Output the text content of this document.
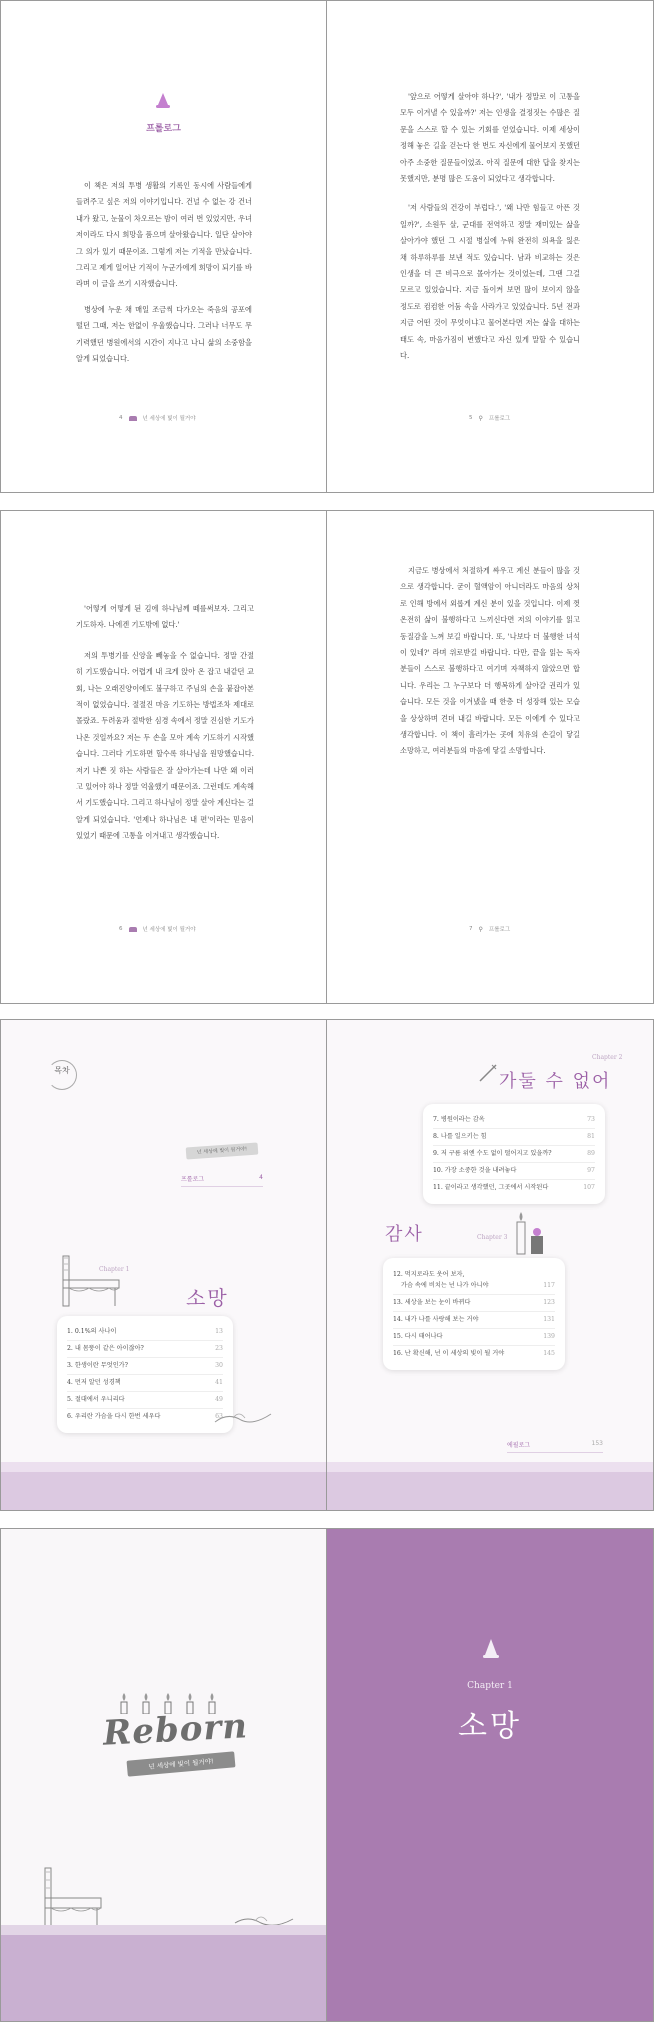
프롤로그

이 책은 저의 투병 생활의 기록인 동시에 사람들에게 들려주고 싶은 저의 이야기입니다. 건널 수 없는 강 건너 내가 왔고, 눈물이 차오르는 밤이 여러 번 있었지만, 우녀 저이라도 다시 희망을 품으며 살아왔습니다. 일단 살아야 그 의가 있기 때문이죠. 그렇게 저는 기적을 만났습니다. 그리고 제게 일어난 기적이 누군가에게 희망이 되기를 바라며 이 글을 쓰기 시작했습니다.

병상에 누운 채 매일 조금씩 다가오는 죽음의 공포에 떨던 그때, 저는 한없이 우울했습니다. 그러나 너무도 무기력했던 병원에서의 시간이 지나고 나니 삶의 소중함을 알게 되었습니다.

4	넌 세상에 빛이 될거야

'앞으로 어떻게 살아야 하나?', '내가 정말로 이 고통을 모두 이겨낼 수 있을까?' 저는 인생을 결정짓는 수많은 질문을 스스로 할 수 있는 기회를 얻었습니다. 이제 세상이 정해 놓은 길을 걷는다 한 번도 자신에게 물어보지 못했던 아주 소중한 질문들이었죠. 아직 질문에 대한 답을 찾지는 못했지만, 분명 많은 도움이 되었다고 생각합니다.

'저 사람들의 건강이 부럽다.', '왜 나만 힘들고 아픈 것일까?', 소원두 살, 군대를 전역하고 정말 재미있는 삶을 살아가야 했던 그 시절 병실에 누워 완전히 의욕을 잃은 채 하루하루를 보낸 적도 있습니다. 남과 비교하는 것은 인생을 더 큰 비극으로 몰아가는 것이었는데, 그땐 그걸 모르고 있었습니다. 지금 돌이켜 보면 많이 보이지 않을 정도로 컴컴한 어둠 속을 사라가고 있었습니다. 5년 전과 지금 어떤 것이 무엇이냐고 물어본다면 저는 삶을 대하는 태도 속, 마음가짐이 변했다고 자신 있게 말할 수 있습니다.

5 ⚲ 프롤로그

'어떻게 어떻게 된 김에 하나님께 떼를써보자. 그리고 기도하자. 나에겐 기도밖에 없다.'

저의 투병기를 신앙을 빼놓을 수 없습니다. 정말 간절히 기도했습니다. 어렵게 내 크게 앉아 온 잡고 내같던 교회, 나는 오래진양이에도 불구하고 주님의 손을 붙잡아본 적이 없었습니다. 절절진 마음 기도하는 방법조차 제대로 몰랐죠. 두려움과 절박한 심경 속에서 정말 진심한 기도가 나온 것일까요? 저는 두 손을 모아 계속 기도하기 시작했습니다. 그러다 기도하면 할수록 하나님을 원망했습니다. 저기 나쁜 짓 하는 사람들은 잘 살아가는데 나만 왜 이러고 있어야 하나 정말 억울했기 때문이죠. 그런데도 계속해서 기도했습니다. 그리고 하나님이 정말 살아 계신다는 걸 알게 되었습니다. '언제나 하나님은 내 편'이라는 믿음이 있었기 때문에 고통을 이겨내고 생각했습니다.

6	넌 세상에 빛이 될거야

지금도 병상에서 처절하게 싸우고 계신 분들이 많을 것으로 생각합니다. 굳이 혈액암이 아니더라도 마음의 상처로 인해 방에서 외롭게 계신 분이 있을 것입니다. 이제 껏 온전히 삶이 불행하다고 느끼신다면 저의 이야기를 읽고 동질감을 느껴 보길 바랍니다. 또, '나보다 더 불행한 녀석이 있네?' 라며 위로받길 바랍니다. 다만, 끝을 읽는 독자분들이 스스로 불행하다고 여기며 자책하지 않았으면 합니다. 우리는 그 누구보다 더 행복하게 살아갈 권리가 있습니다. 모든 것을 이겨냈을 때 한층 더 성장해 있는 모습을 상상하며 견뎌 내길 바랍니다. 모든 이에게 수 있다고 생각합니다. 이 책이 흘러가는 곳에 치유의 손길이 닿길 소망하고, 여러분들의 마음에 닿길 소망합니다.

7 ⚲ 프롤로그
목차
넌 세상에 빛이 될거야!
프롤로그	4
Chapter 1
소망
1. 0.1%의 사나이	13
2. 내 몸뚱이 같은 아이잖아?	23
3. 한생이란 무엇인가?	30
4. 먼저 알던 성경책	41
5. 절대에서 우니리다	49
6. 우리란 가슴을 다시 한번 세우다	63
Chapter 2
가둘 수 없어
7. 병원이라는 감옥	73
8. 나를 일으키는 힘	81
9. 저 구름 위엔 수도 없이 떨어지고 있을까?	89
10. 가장 소중한 것을 내려놓다	97
11. 끝이라고 생각했던, 그곳에서 시작된다	107
감사	Chapter 3
12. 먹지로라도 웃어 보자,
가슴 속에 비치는 넌 나가 아니야	117
13. 세상을 보는 눈이 바뀌다	123
14. 내가 나를 사랑해 보는 거야	131
15. 다시 태어나다	139
16. 난 확신해, 넌 이 세상의 빛이 될 거야	145
에필로그	153
Reborn
넌 세상에 빛이 될거야!
Chapter 1
소망
